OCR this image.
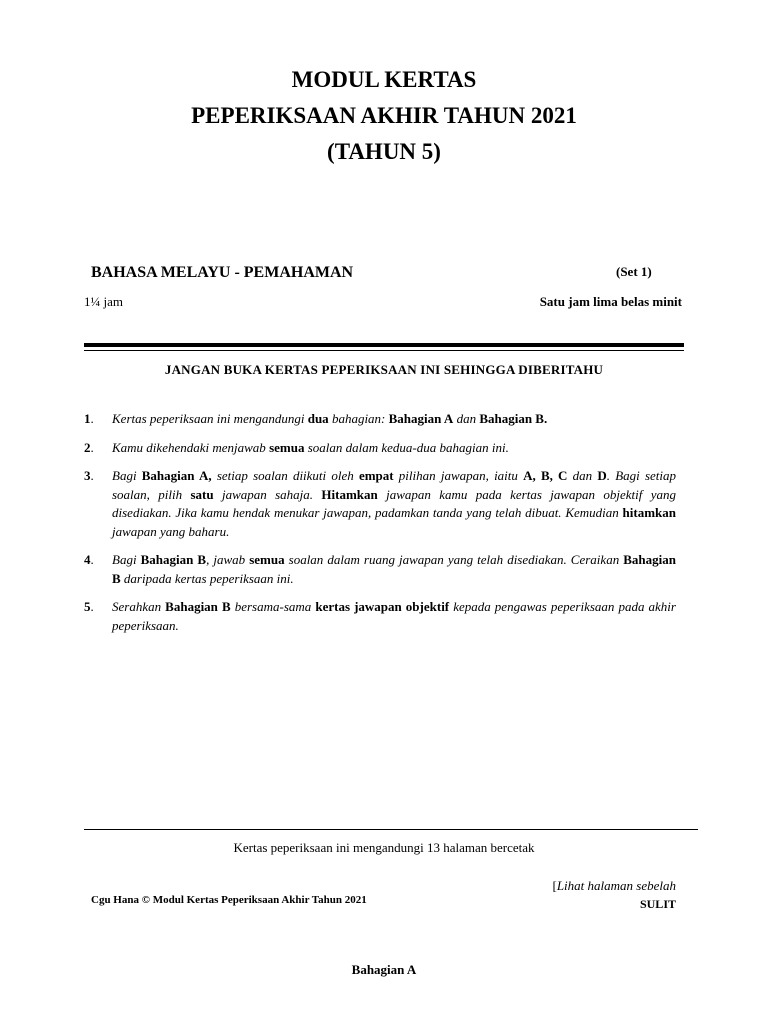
MODUL KERTAS
PEPERIKSAAN AKHIR TAHUN 2021
(TAHUN 5)
BAHASA MELAYU - PEMAHAMAN	(Set 1)
1¼ jam	Satu jam lima belas minit
JANGAN BUKA KERTAS PEPERIKSAAN INI SEHINGGA DIBERITAHU
1.	Kertas peperiksaan ini mengandungi dua bahagian: Bahagian A dan Bahagian B.
2.	Kamu dikehendaki menjawab semua soalan dalam kedua-dua bahagian ini.
3.	Bagi Bahagian A, setiap soalan diikuti oleh empat pilihan jawapan, iaitu A, B, C dan D. Bagi setiap soalan, pilih satu jawapan sahaja. Hitamkan jawapan kamu pada kertas jawapan objektif yang disediakan. Jika kamu hendak menukar jawapan, padamkan tanda yang telah dibuat. Kemudian hitamkan jawapan yang baharu.
4.	Bagi Bahagian B, jawab semua soalan dalam ruang jawapan yang telah disediakan. Ceraikan Bahagian B daripada kertas peperiksaan ini.
5.	Serahkan Bahagian B bersama-sama kertas jawapan objektif kepada pengawas peperiksaan pada akhir peperiksaan.
Kertas peperiksaan ini mengandungi 13 halaman bercetak
[Lihat halaman sebelah
Cgu Hana © Modul Kertas Peperiksaan Akhir Tahun 2021	SULIT
Bahagian A
